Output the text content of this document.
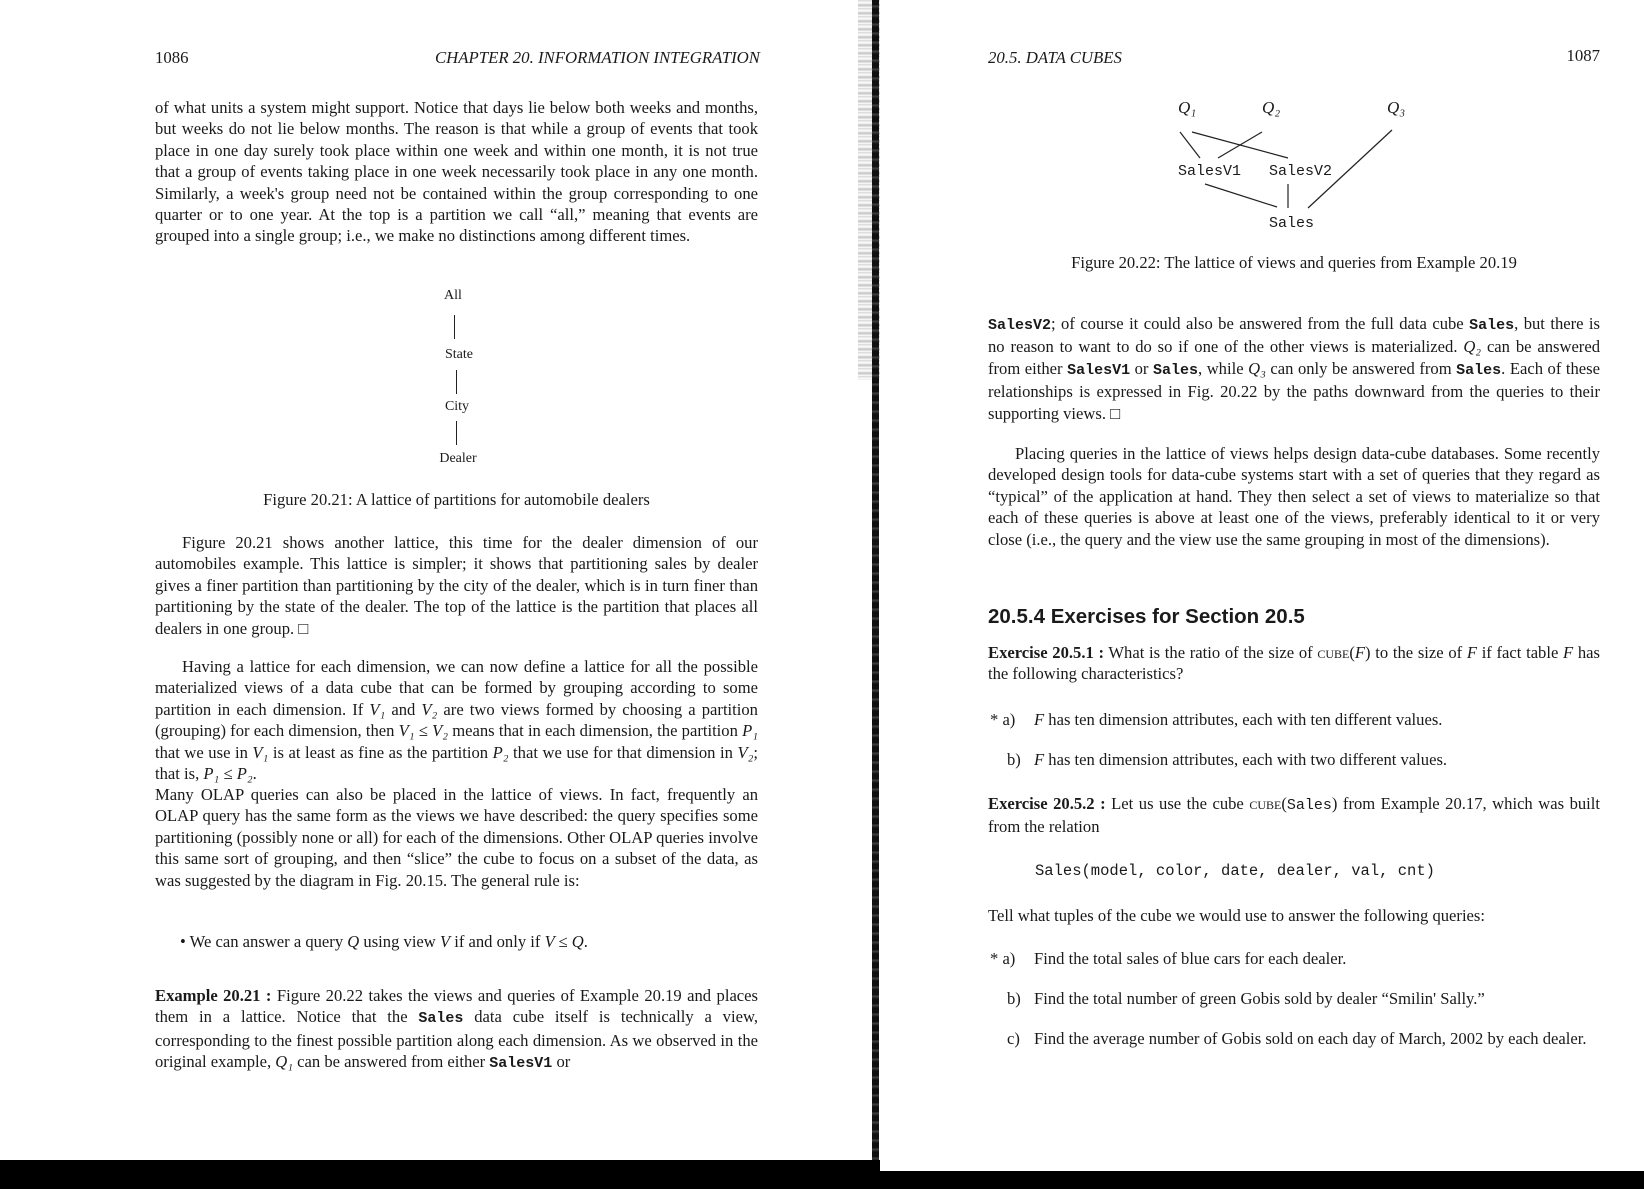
1086	CHAPTER 20. INFORMATION INTEGRATION

of what units a system might support. Notice that days lie below both weeks and months, but weeks do not lie below months. The reason is that while a group of events that took place in one day surely took place within one week and within one month, it is not true that a group of events taking place in one week necessarily took place in any one month. Similarly, a week's group need not be contained within the group corresponding to one quarter or to one year. At the top is a partition we call “all,” meaning that events are grouped into a single group; i.e., we make no distinctions among different times.

All
State
City
Dealer
Figure 20.21: A lattice of partitions for automobile dealers

Figure 20.21 shows another lattice, this time for the dealer dimension of our automobiles example. This lattice is simpler; it shows that partitioning sales by dealer gives a finer partition than partitioning by the city of the dealer, which is in turn finer than partitioning by the state of the dealer. The top of the lattice is the partition that places all dealers in one group. □

Having a lattice for each dimension, we can now define a lattice for all the possible materialized views of a data cube that can be formed by grouping according to some partition in each dimension. If V₁ and V₂ are two views formed by choosing a partition (grouping) for each dimension, then V₁ ≤ V₂ means that in each dimension, the partition P₁ that we use in V₁ is at least as fine as the partition P₂ that we use for that dimension in V₂; that is, P₁ ≤ P₂.

Many OLAP queries can also be placed in the lattice of views. In fact, frequently an OLAP query has the same form as the views we have described: the query specifies some partitioning (possibly none or all) for each of the dimensions. Other OLAP queries involve this same sort of grouping, and then “slice” the cube to focus on a subset of the data, as was suggested by the diagram in Fig. 20.15. The general rule is:

• We can answer a query Q using view V if and only if V ≤ Q.

Example 20.21 : Figure 20.22 takes the views and queries of Example 20.19 and places them in a lattice. Notice that the Sales data cube itself is technically a view, corresponding to the finest possible partition along each dimension. As we observed in the original example, Q₁ can be answered from either SalesV1 or

20.5. DATA CUBES	1087
Q₁	Q₂	Q₃
SalesV1 SalesV2
Sales
Figure 20.22: The lattice of views and queries from Example 20.19

SalesV2; of course it could also be answered from the full data cube Sales, but there is no reason to want to do so if one of the other views is materialized. Q₂ can be answered from either SalesV1 or Sales, while Q₃ can only be answered from Sales. Each of these relationships is expressed in Fig. 20.22 by the paths downward from the queries to their supporting views. □

Placing queries in the lattice of views helps design data-cube databases. Some recently developed design tools for data-cube systems start with a set of queries that they regard as “typical” of the application at hand. They then select a set of views to materialize so that each of these queries is above at least one of the views, preferably identical to it or very close (i.e., the query and the view use the same grouping in most of the dimensions).

20.5.4 Exercises for Section 20.5

Exercise 20.5.1 : What is the ratio of the size of cube(F) to the size of F if fact table F has the following characteristics?

* a) F has ten dimension attributes, each with ten different values.
b) F has ten dimension attributes, each with two different values.

Exercise 20.5.2 : Let us use the cube cube(Sales) from Example 20.17, which was built from the relation

Sales(model, color, date, dealer, val, cnt)
Tell what tuples of the cube we would use to answer the following queries:
* a) Find the total sales of blue cars for each dealer.
b) Find the total number of green Gobis sold by dealer “Smilin' Sally.”
c) Find the average number of Gobis sold on each day of March, 2002 by each dealer.
